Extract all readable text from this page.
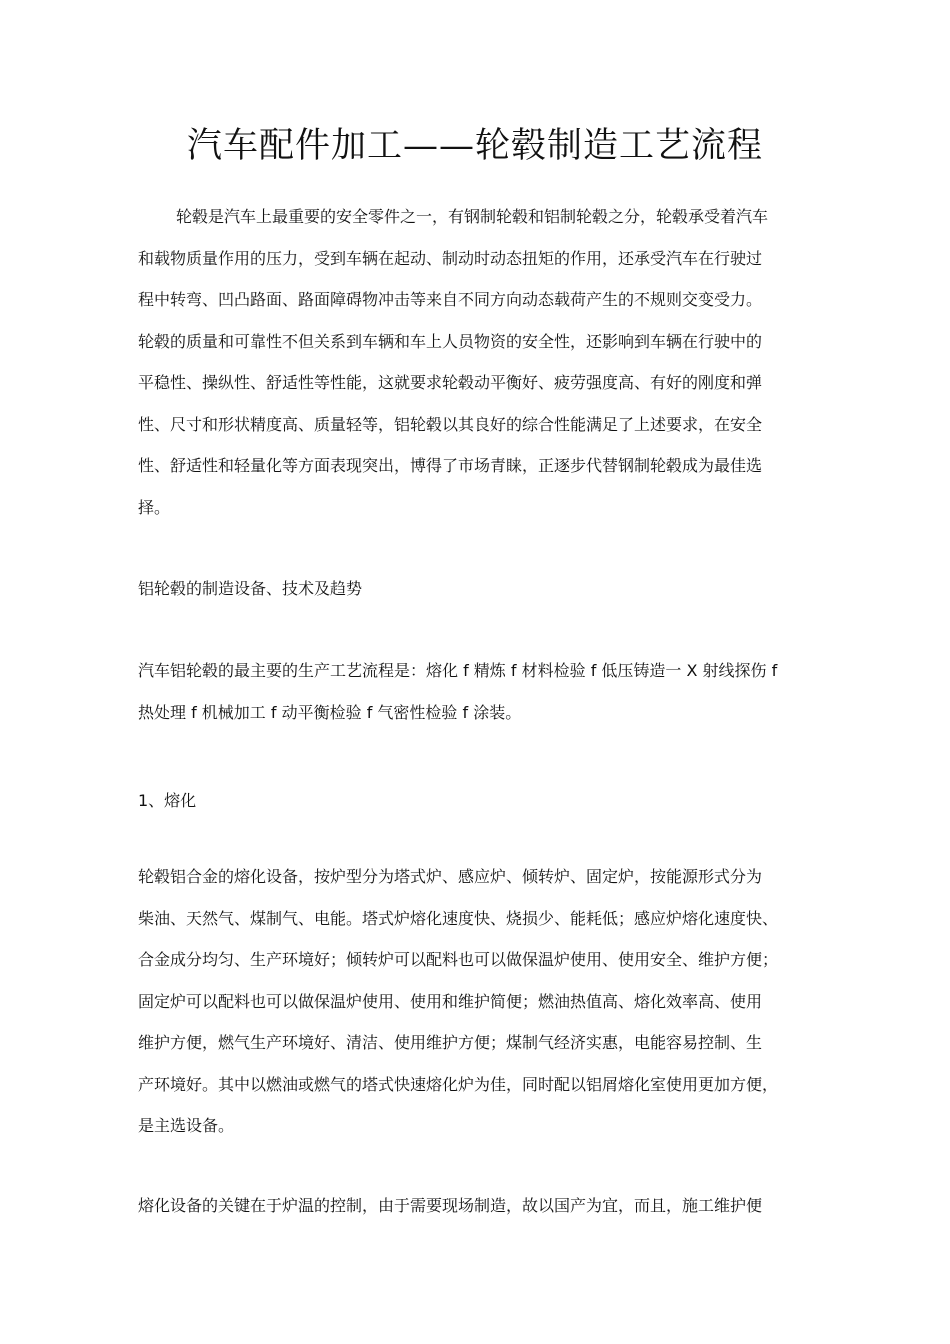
汽车配件加工——轮毂制造工艺流程
轮毂是汽车上最重要的安全零件之一，有钢制轮毂和铝制轮毂之分，轮毂承受着汽车
和载物质量作用的压力，受到车辆在起动、制动时动态扭矩的作用，还承受汽车在行驶过
程中转弯、凹凸路面、路面障碍物冲击等来自不同方向动态载荷产生的不规则交变受力。
轮毂的质量和可靠性不但关系到车辆和车上人员物资的安全性，还影响到车辆在行驶中的
平稳性、操纵性、舒适性等性能，这就要求轮毂动平衡好、疲劳强度高、有好的刚度和弹
性、尺寸和形状精度高、质量轻等，铝轮毂以其良好的综合性能满足了上述要求，在安全
性、舒适性和轻量化等方面表现突出，博得了市场青睐，正逐步代替钢制轮毂成为最佳选
择。
铝轮毂的制造设备、技术及趋势
汽车铝轮毂的最主要的生产工艺流程是：熔化 f 精炼 f 材料检验 f 低压铸造一 X 射线探伤 f
热处理 f 机械加工 f 动平衡检验 f 气密性检验 f 涂装。
1、熔化
轮毂铝合金的熔化设备，按炉型分为塔式炉、感应炉、倾转炉、固定炉，按能源形式分为
柴油、天然气、煤制气、电能。塔式炉熔化速度快、烧损少、能耗低；感应炉熔化速度快、
合金成分均匀、生产环境好；倾转炉可以配料也可以做保温炉使用、使用安全、维护方便；
固定炉可以配料也可以做保温炉使用、使用和维护简便；燃油热值高、熔化效率高、使用
维护方便，燃气生产环境好、清洁、使用维护方便；煤制气经济实惠，电能容易控制、生
产环境好。其中以燃油或燃气的塔式快速熔化炉为佳，同时配以铝屑熔化室使用更加方便，
是主选设备。
熔化设备的关键在于炉温的控制，由于需要现场制造，故以国产为宜，而且，施工维护便
